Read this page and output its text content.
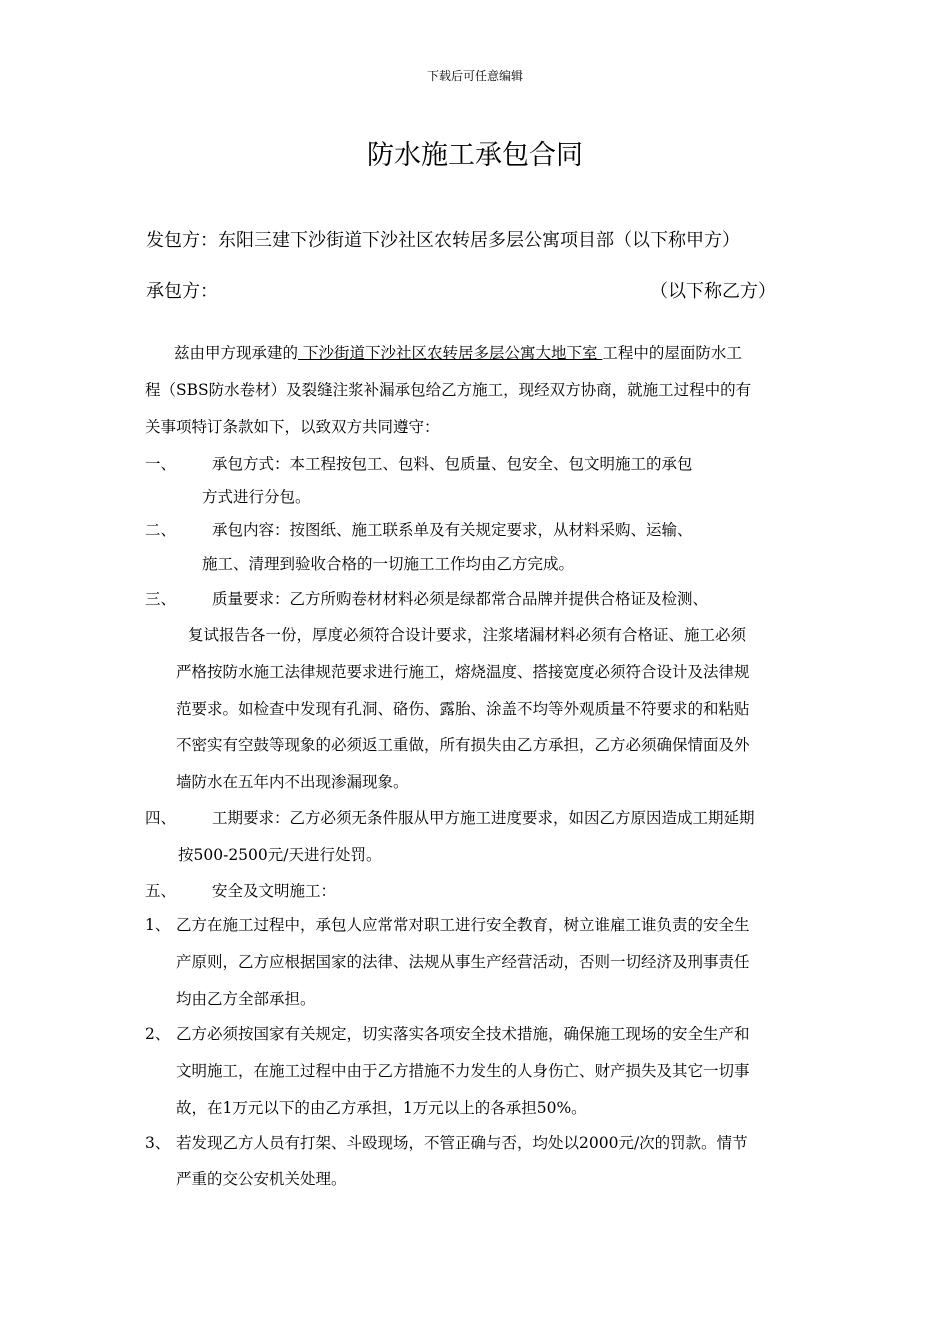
下载后可任意编辑
防水施工承包合同
发包方：东阳三建下沙街道下沙社区农转居多层公寓项目部（以下称甲方）
承包方：	（以下称乙方）
兹由甲方现承建的 下沙街道下沙社区农转居多层公寓大地下室 工程中的屋面防水工
程（SBS防水卷材）及裂缝注浆补漏承包给乙方施工，现经双方协商，就施工过程中的有
关事项特订条款如下，以致双方共同遵守：
一、 承包方式：本工程按包工、包料、包质量、包安全、包文明施工的承包
方式进行分包。
二、 承包内容：按图纸、施工联系单及有关规定要求，从材料采购、运输、
施工、清理到验收合格的一切施工工作均由乙方完成。
三、 质量要求：乙方所购卷材材料必须是绿都常合品牌并提供合格证及检测、
复试报告各一份，厚度必须符合设计要求，注浆堵漏材料必须有合格证、施工必须
严格按防水施工法律规范要求进行施工，熔烧温度、搭接宽度必须符合设计及法律规
范要求。如检查中发现有孔洞、硌伤、露胎、涂盖不均等外观质量不符要求的和粘贴
不密实有空鼓等现象的必须返工重做，所有损失由乙方承担，乙方必须确保情面及外
墙防水在五年内不出现渗漏现象。
四、 工期要求：乙方必须无条件服从甲方施工进度要求，如因乙方原因造成工期延期
按500-2500元/天进行处罚。
五、 安全及文明施工：
1、 乙方在施工过程中，承包人应常常对职工进行安全教育，树立谁雇工谁负责的安全生
产原则，乙方应根据国家的法律、法规从事生产经营活动，否则一切经济及刑事责任
均由乙方全部承担。
2、 乙方必须按国家有关规定，切实落实各项安全技术措施，确保施工现场的安全生产和
文明施工，在施工过程中由于乙方措施不力发生的人身伤亡、财产损失及其它一切事
故，在1万元以下的由乙方承担，1万元以上的各承担50%。
3、 若发现乙方人员有打架、斗殴现场，不管正确与否，均处以2000元/次的罚款。情节
严重的交公安机关处理。
